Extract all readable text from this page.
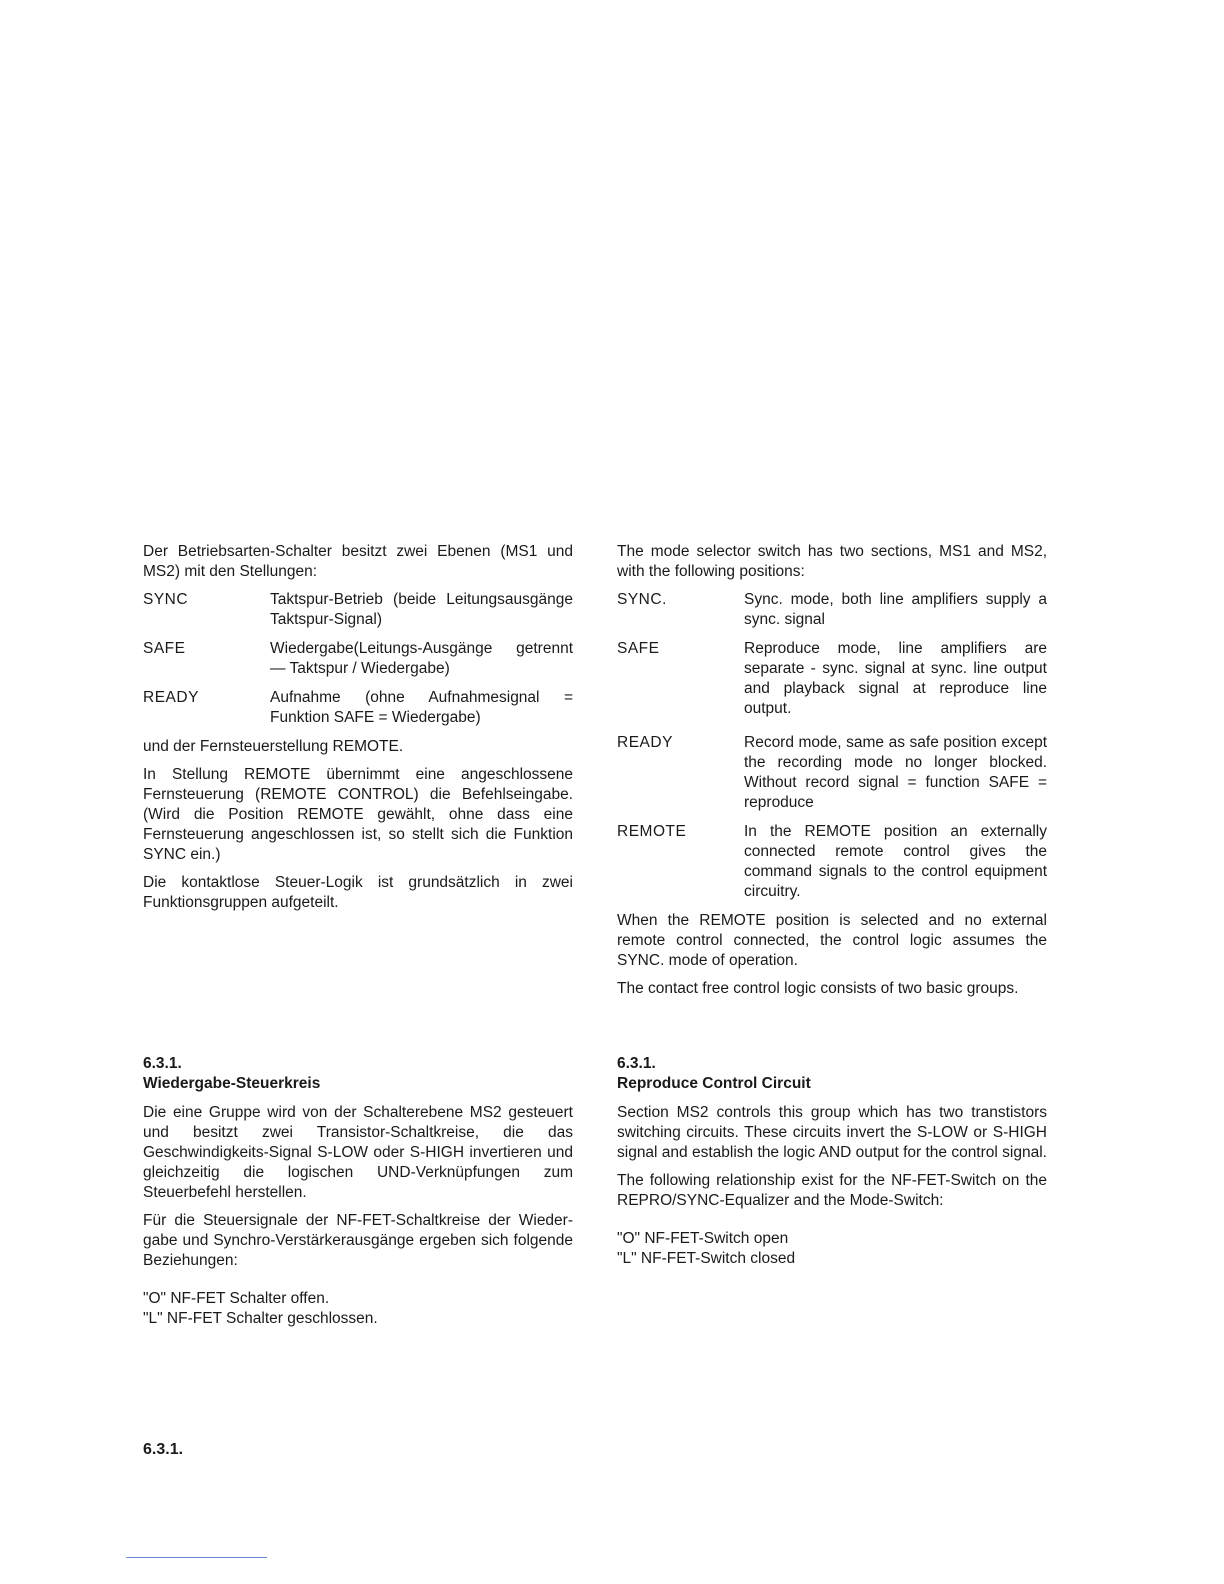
Der Betriebsarten-Schalter besitzt zwei Ebenen (MS1 und MS2) mit den Stellungen:

SYNC	Taktspur-Betrieb (beide Leitungsausgänge Taktspur-Signal)
SAFE	Wiedergabe(Leitungs-Ausgänge getrennt — Taktspur / Wiedergabe)
READY	Aufnahme (ohne Aufnahmesignal = Funktion SAFE = Wiedergabe)

und der Fernsteuerstellung REMOTE.

In Stellung REMOTE übernimmt eine angeschlossene Fernsteuerung (REMOTE CONTROL) die Befehlseingabe. (Wird die Position REMOTE gewählt, ohne dass eine Fernsteuerung angeschlossen ist, so stellt sich die Funktion SYNC ein.)

Die kontaktlose Steuer-Logik ist grundsätzlich in zwei Funktionsgruppen aufgeteilt.

6.3.1.
Wiedergabe-Steuerkreis

Die eine Gruppe wird von der Schalterebene MS2 gesteuert und besitzt zwei Transistor-Schaltkreise, die das Geschwindigkeits-Signal S-LOW oder S-HIGH invertieren und gleichzeitig die logischen UND-Verknüpfungen zum Steuerbefehl herstellen.

Für die Steuersignale der NF-FET-Schaltkreise der Wieder- gabe und Synchro-Verstärkerausgänge ergeben sich folgende Beziehungen:

"O" NF-FET Schalter offen.
"L" NF-FET Schalter geschlossen.

The mode selector switch has two sections, MS1 and MS2, with the following positions:

SYNC.	Sync. mode, both line amplifiers supply a sync. signal
SAFE	Reproduce mode, line amplifiers are separate - sync. signal at sync. line output and playback signal at reproduce line output.
READY	Record mode, same as safe position except the recording mode no longer blocked. Without record signal = function SAFE = reproduce
REMOTE	In the REMOTE position an externally connected remote control gives the command signals to the control equipment circuitry.

When the REMOTE position is selected and no external remote control connected, the control logic assumes the SYNC. mode of operation.

The contact free control logic consists of two basic groups.

6.3.1.
Reproduce Control Circuit

Section MS2 controls this group which has two transtistors switching circuits. These circuits invert the S-LOW or S-HIGH signal and establish the logic AND output for the control signal.

The following relationship exist for the NF-FET-Switch on the REPRO/SYNC-Equalizer and the Mode-Switch:

"O" NF-FET-Switch open
"L" NF-FET-Switch closed
6.3.1.
